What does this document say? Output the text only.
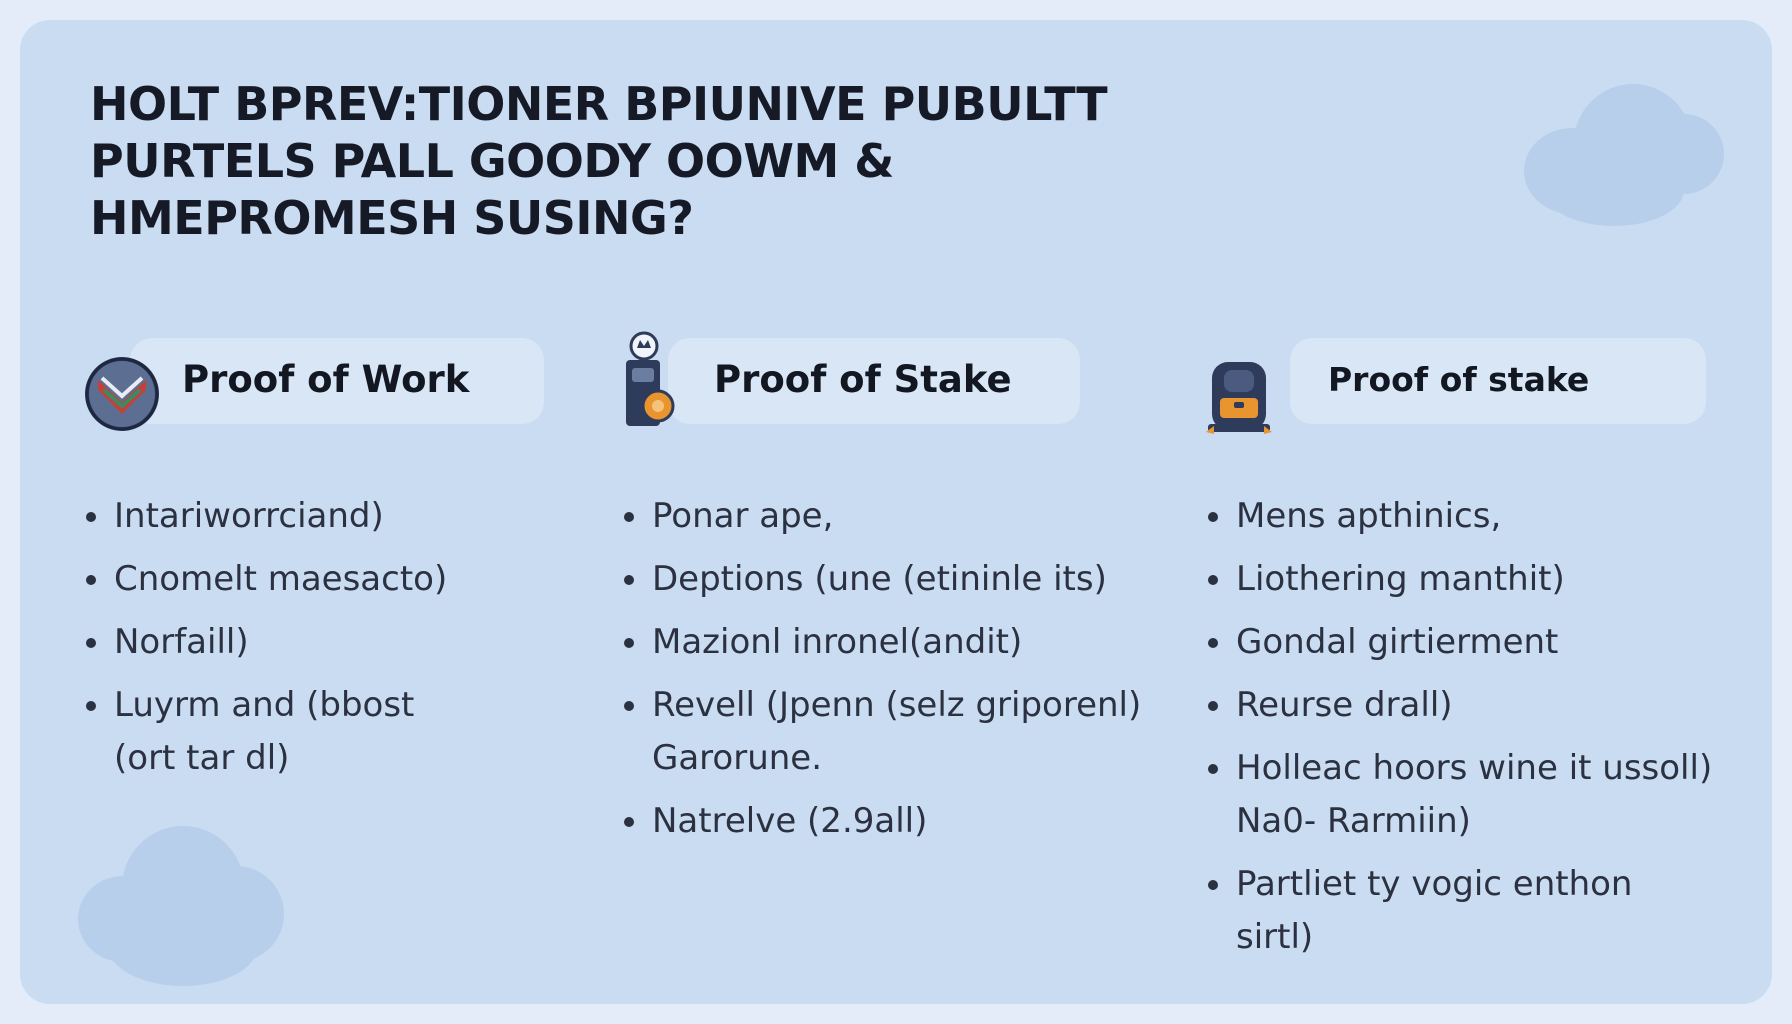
HOLT BPREV:TIONER BPIUNIVE PUBULTT
PURTELS PALL GOODY OOWM &
HMEPROMESH SUSING?
Proof of Work
Intariworrciand)
Cnomelt maesacto)
Norfaill)
Luyrm and (bbost (ort tar dl)
Proof of Stake
Ponar ape,
Deptions (une (etininle its)
Mazionl inronel(andit)
Revell (Jpenn (selz griporenl) Garorune.
Natrelve (2.9all)
Proof of stake
Mens apthinics,
Liothering manthit)
Gondal girtierment
Reurse drall)
Holleac hoors wine it ussoll) Na0- Rarmiin)
Partliet ty vogic enthon sirtl)
